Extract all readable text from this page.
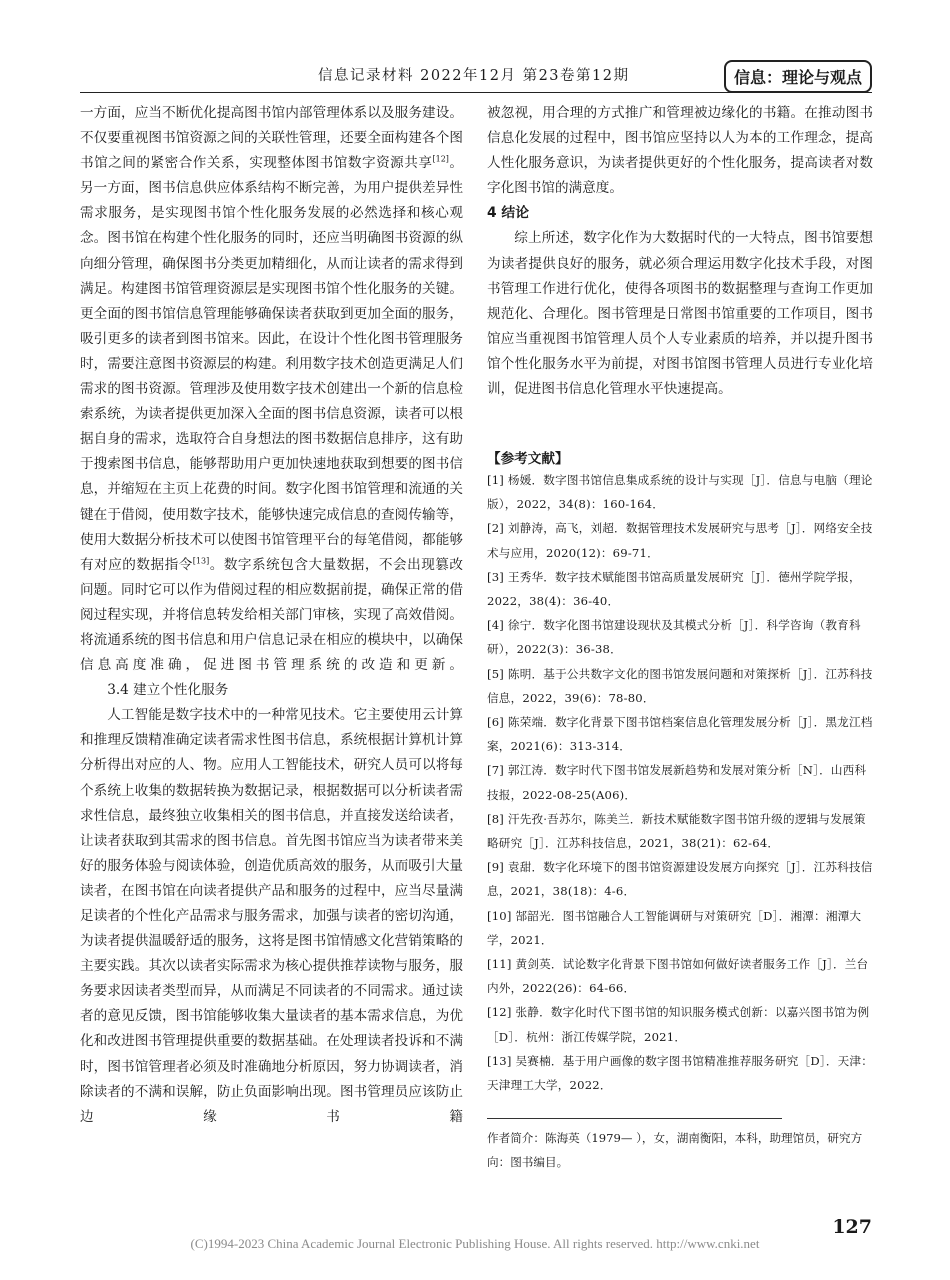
信息记录材料 2022年12月 第23卷第12期	信息：理论与观点

一方面，应当不断优化提高图书馆内部管理体系以及服务建设。不仅要重视图书馆资源之间的关联性管理，还要全面构建各个图书馆之间的紧密合作关系，实现整体图书馆数字资源共享[12]。另一方面，图书信息供应体系结构不断完善，为用户提供差异性需求服务，是实现图书馆个性化服务发展的必然选择和核心观念。图书馆在构建个性化服务的同时，还应当明确图书资源的纵向细分管理，确保图书分类更加精细化，从而让读者的需求得到满足。构建图书馆管理资源层是实现图书馆个性化服务的关键。更全面的图书馆信息管理能够确保读者获取到更加全面的服务，吸引更多的读者到图书馆来。因此，在设计个性化图书管理服务时，需要注意图书资源层的构建。利用数字技术创造更满足人们需求的图书资源。管理涉及使用数字技术创建出一个新的信息检索系统，为读者提供更加深入全面的图书信息资源，读者可以根据自身的需求，选取符合自身想法的图书数据信息排序，这有助于搜索图书信息，能够帮助用户更加快速地获取到想要的图书信息，并缩短在主页上花费的时间。数字化图书馆管理和流通的关键在于借阅，使用数字技术，能够快速完成信息的查阅传输等，使用大数据分析技术可以使图书馆管理平台的每笔借阅，都能够有对应的数据指令[13]。数字系统包含大量数据，不会出现篡改问题。同时它可以作为借阅过程的相应数据前提，确保正常的借阅过程实现，并将信息转发给相关部门审核，实现了高效借阅。将流通系统的图书信息和用户信息记录在相应的模块中，以确保信息高度准确，促进图书管理系统的改造和更新。

3.4 建立个性化服务

人工智能是数字技术中的一种常见技术。它主要使用云计算和推理反馈精准确定读者需求性图书信息，系统根据计算机计算分析得出对应的人、物。应用人工智能技术，研究人员可以将每个系统上收集的数据转换为数据记录，根据数据可以分析读者需求性信息，最终独立收集相关的图书信息，并直接发送给读者，让读者获取到其需求的图书信息。首先图书馆应当为读者带来美好的服务体验与阅读体验，创造优质高效的服务，从而吸引大量读者，在图书馆在向读者提供产品和服务的过程中，应当尽量满足读者的个性化产品需求与服务需求，加强与读者的密切沟通，为读者提供温暖舒适的服务，这将是图书馆情感文化营销策略的主要实践。其次以读者实际需求为核心提供推荐读物与服务，服务要求因读者类型而异，从而满足不同读者的不同需求。通过读者的意见反馈，图书馆能够收集大量读者的基本需求信息，为优化和改进图书管理提供重要的数据基础。在处理读者投诉和不满时，图书馆管理者必须及时准确地分析原因，努力协调读者，消除读者的不满和误解，防止负面影响出现。图书管理员应该防止边缘书籍

被忽视，用合理的方式推广和管理被边缘化的书籍。在推动图书信息化发展的过程中，图书馆应坚持以人为本的工作理念，提高人性化服务意识，为读者提供更好的个性化服务，提高读者对数字化图书馆的满意度。

4 结论

综上所述，数字化作为大数据时代的一大特点，图书馆要想为读者提供良好的服务，就必须合理运用数字化技术手段，对图书管理工作进行优化，使得各项图书的数据整理与查询工作更加规范化、合理化。图书管理是日常图书馆重要的工作项目，图书馆应当重视图书馆管理人员个人专业素质的培养，并以提升图书馆个性化服务水平为前提，对图书馆图书管理人员进行专业化培训，促进图书信息化管理水平快速提高。

【参考文献】
[1] 杨媛．数字图书馆信息集成系统的设计与实现［J］．信息与电脑（理论版），2022，34(8)：160-164．
[2] 刘静涛，高飞，刘超．数据管理技术发展研究与思考［J］．网络安全技术与应用，2020(12)：69-71．
[3] 王秀华．数字技术赋能图书馆高质量发展研究［J］．德州学院学报，2022，38(4)：36-40．
[4] 徐宁．数字化图书馆建设现状及其模式分析［J］．科学咨询（教育科研），2022(3)：36-38．
[5] 陈明．基于公共数字文化的图书馆发展问题和对策探析［J］．江苏科技信息，2022，39(6)：78-80．
[6] 陈荣端．数字化背景下图书馆档案信息化管理发展分析［J］．黑龙江档案，2021(6)：313-314．
[7] 郭江涛．数字时代下图书馆发展新趋势和发展对策分析［N］．山西科技报，2022-08-25(A06)．
[8] 汗先孜·吾苏尔，陈美兰．新技术赋能数字图书馆升级的逻辑与发展策略研究［J］．江苏科技信息，2021，38(21)：62-64．
[9] 袁甜．数字化环境下的图书馆资源建设发展方向探究［J］．江苏科技信息，2021，38(18)：4-6．
[10] 郜韶光．图书馆融合人工智能调研与对策研究［D］．湘潭：湘潭大学，2021．
[11] 黄剑英．试论数字化背景下图书馆如何做好读者服务工作［J］．兰台内外，2022(26)：64-66．
[12] 张静．数字化时代下图书馆的知识服务模式创新：以嘉兴图书馆为例［D］．杭州：浙江传媒学院，2021．
[13] 吴赛楠．基于用户画像的数字图书馆精准推荐服务研究［D］．天津：天津理工大学，2022．
作者简介：陈海英（1979— ），女，湖南衡阳，本科，助理馆员，研究方向：图书编目。
127
(C)1994-2023 China Academic Journal Electronic Publishing House. All rights reserved. http://www.cnki.net
